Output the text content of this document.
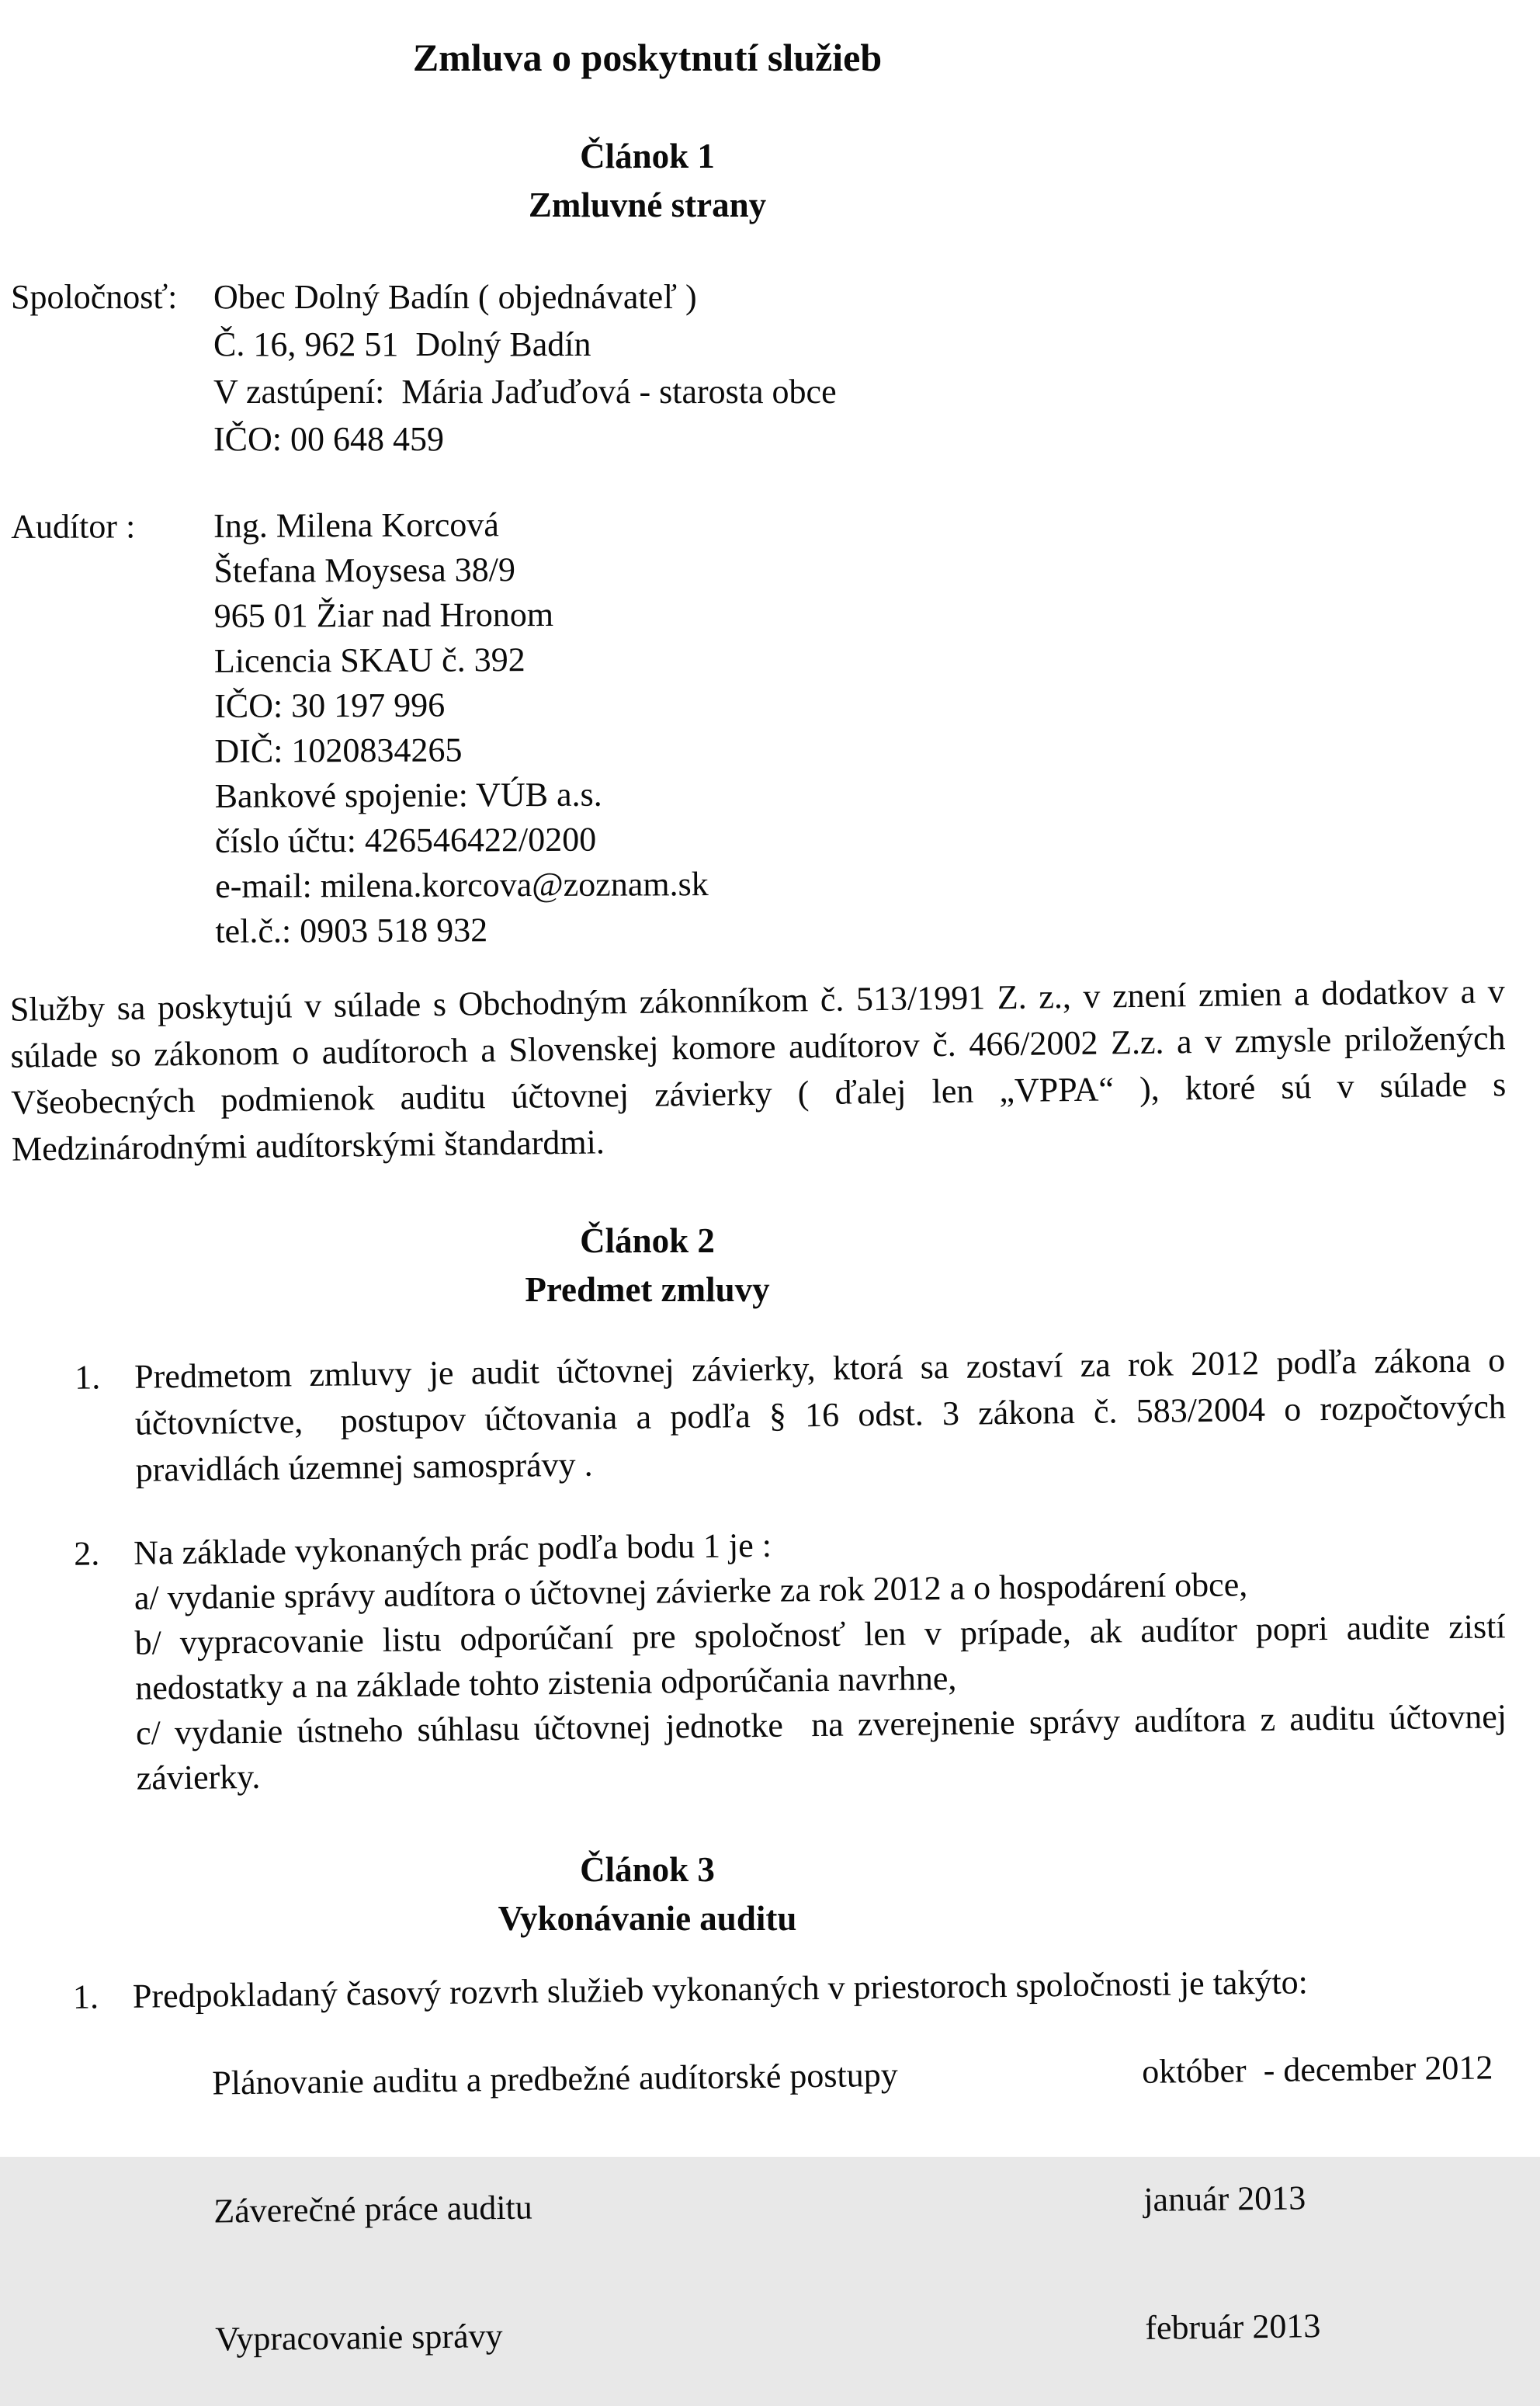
Zmluva o poskytnutí služieb
Článok 1
Zmluvné strany
Spoločnosť:	Obec Dolný Badín ( objednávateľ )
Č. 16, 962 51  Dolný Badín
V zastúpení:  Mária Jaďuďová - starosta obce
IČO: 00 648 459
Audítor :	Ing. Milena Korcová
Štefana Moysesa 38/9
965 01 Žiar nad Hronom
Licencia SKAU č. 392
IČO: 30 197 996
DIČ: 1020834265
Bankové spojenie: VÚB a.s.
číslo účtu: 426546422/0200
e-mail: milena.korcova@zoznam.sk
tel.č.: 0903 518 932

Služby sa poskytujú v súlade s Obchodným zákonníkom č. 513/1991 Z. z., v znení zmien a dodatkov a v súlade so zákonom o audítoroch a Slovenskej komore audítorov č. 466/2002 Z.z. a v zmysle priložených Všeobecných podmienok auditu účtovnej závierky ( ďalej len „VPPA“ ), ktoré sú v súlade s Medzinárodnými audítorskými štandardmi.

Článok 2
Predmet zmluvy
1. Predmetom zmluvy je audit účtovnej závierky, ktorá sa zostaví za rok 2012 podľa zákona o účtovníctve,  postupov účtovania a podľa § 16 odst. 3 zákona č. 583/2004 o rozpočtových pravidlách územnej samosprávy .
2. Na základe vykonaných prác podľa bodu 1 je :
a/ vydanie správy audítora o účtovnej závierke za rok 2012 a o hospodárení obce,
b/ vypracovanie listu odporúčaní pre spoločnosť len v prípade, ak audítor popri audite zistí nedostatky a na základe tohto zistenia odporúčania navrhne,
c/ vydanie ústneho súhlasu účtovnej jednotke  na zverejnenie správy audítora z auditu účtovnej závierky.
Článok 3
Vykonávanie auditu
1. Predpokladaný časový rozvrh služieb vykonaných v priestoroch spoločnosti je takýto:

Plánovanie auditu a predbežné audítorské postupy	október  - december 2012

Záverečné práce auditu	január 2013

Vypracovanie správy	február 2013
